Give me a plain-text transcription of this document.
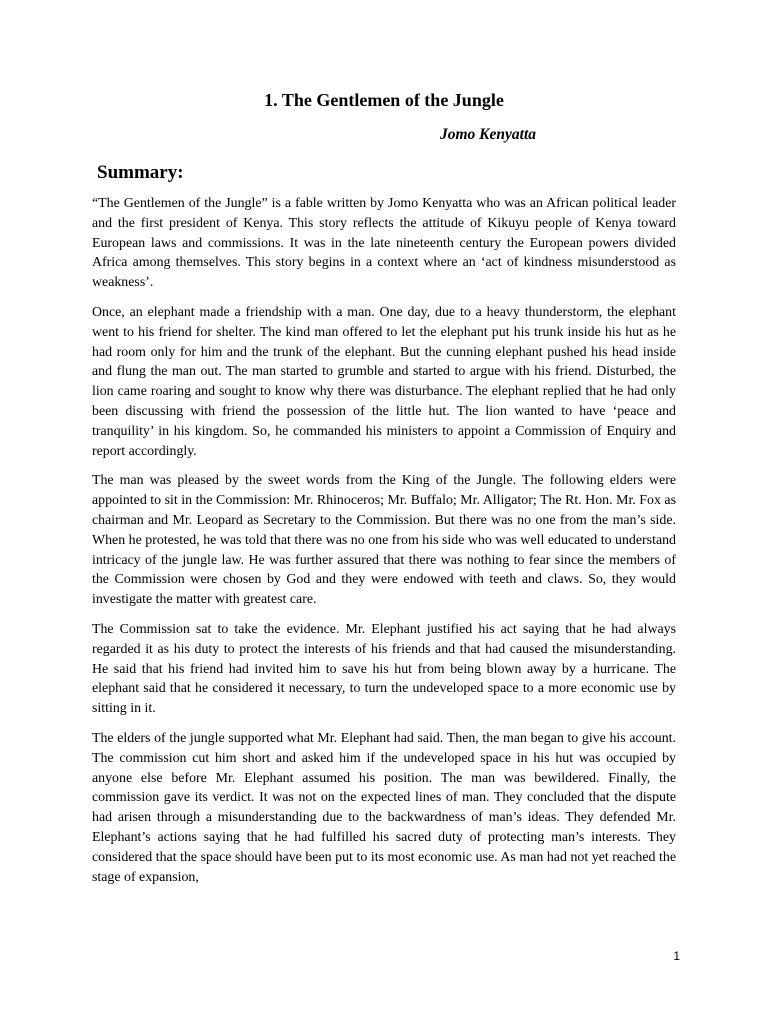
1. The Gentlemen of the Jungle

Jomo Kenyatta

Summary:

“The Gentlemen of the Jungle” is a fable written by Jomo Kenyatta who was an African political leader and the first president of Kenya. This story reflects the attitude of Kikuyu people of Kenya toward European laws and commissions. It was in the late nineteenth century the European powers divided Africa among themselves. This story begins in a context where an ‘act of kindness misunderstood as weakness’.

Once, an elephant made a friendship with a man. One day, due to a heavy thunderstorm, the elephant went to his friend for shelter. The kind man offered to let the elephant put his trunk inside his hut as he had room only for him and the trunk of the elephant. But the cunning elephant pushed his head inside and flung the man out. The man started to grumble and started to argue with his friend. Disturbed, the lion came roaring and sought to know why there was disturbance. The elephant replied that he had only been discussing with friend the possession of the little hut. The lion wanted to have ‘peace and tranquility’ in his kingdom. So, he commanded his ministers to appoint a Commission of Enquiry and report accordingly.

The man was pleased by the sweet words from the King of the Jungle. The following elders were appointed to sit in the Commission: Mr. Rhinoceros; Mr. Buffalo; Mr. Alligator; The Rt. Hon. Mr. Fox as chairman and Mr. Leopard as Secretary to the Commission. But there was no one from the man’s side. When he protested, he was told that there was no one from his side who was well educated to understand intricacy of the jungle law. He was further assured that there was nothing to fear since the members of the Commission were chosen by God and they were endowed with teeth and claws. So, they would investigate the matter with greatest care.

The Commission sat to take the evidence. Mr. Elephant justified his act saying that he had always regarded it as his duty to protect the interests of his friends and that had caused the misunderstanding. He said that his friend had invited him to save his hut from being blown away by a hurricane. The elephant said that he considered it necessary, to turn the undeveloped space to a more economic use by sitting in it.

The elders of the jungle supported what Mr. Elephant had said. Then, the man began to give his account. The commission cut him short and asked him if the undeveloped space in his hut was occupied by anyone else before Mr. Elephant assumed his position. The man was bewildered. Finally, the commission gave its verdict. It was not on the expected lines of man. They concluded that the dispute had arisen through a misunderstanding due to the backwardness of man’s ideas. They defended Mr. Elephant’s actions saying that he had fulfilled his sacred duty of protecting man’s interests. They considered that the space should have been put to its most economic use. As man had not yet reached the stage of expansion,

1
